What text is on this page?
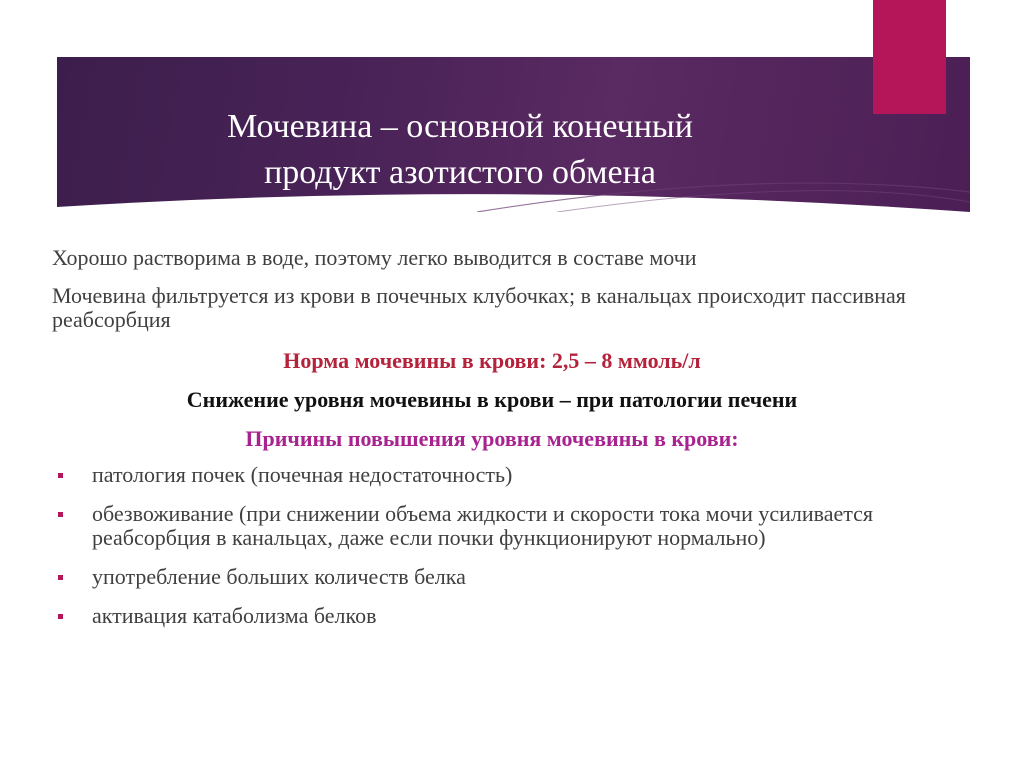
Мочевина – основной конечный
продукт азотистого обмена

Хорошо растворима в воде, поэтому легко выводится в составе мочи

Мочевина фильтруется из крови в почечных клубочках; в канальцах происходит пассивная реабсорбция

Норма мочевины в крови: 2,5 – 8 ммоль/л

Снижение уровня мочевины в крови – при патологии печени

Причины повышения уровня мочевины в крови:

патология почек (почечная недостаточность)
обезвоживание (при снижении объема жидкости и скорости тока мочи усиливается реабсорбция в канальцах, даже если почки функционируют нормально)
употребление больших количеств белка
активация катаболизма белков
